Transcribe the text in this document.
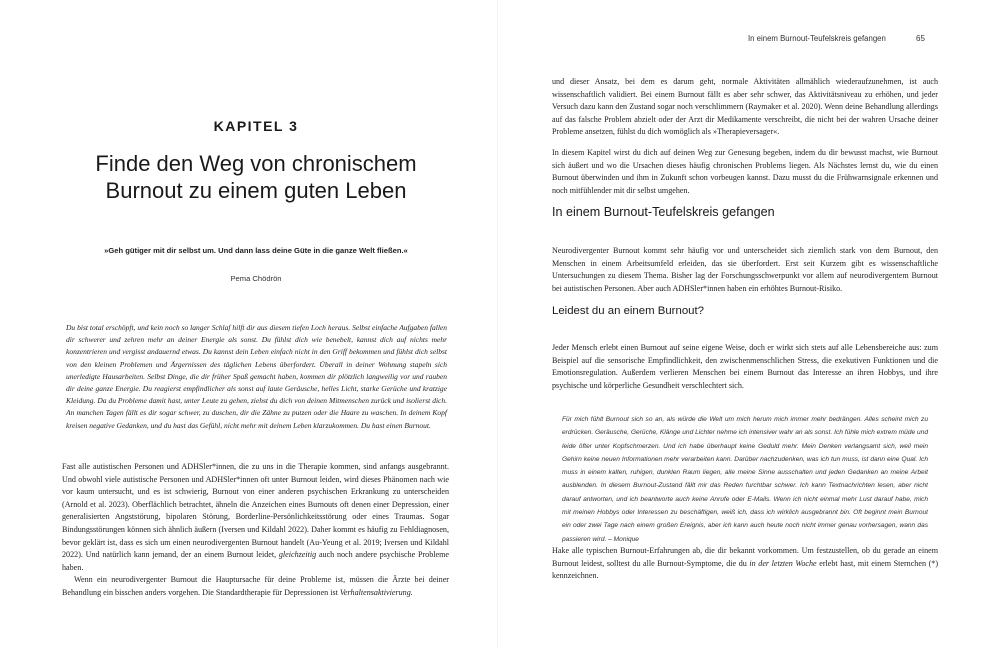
KAPITEL 3
Finde den Weg von chronischem Burnout zu einem guten Leben
»Geh gütiger mit dir selbst um. Und dann lass deine Güte in die ganze Welt fließen.«
Pema Chödrön

Du bist total erschöpft, und kein noch so langer Schlaf hilft dir aus diesem tiefen Loch heraus. Selbst einfache Aufgaben fallen dir schwerer und zehren mehr an deiner Energie als sonst. Du fühlst dich wie benebelt, kannst dich auf nichts mehr konzentrieren und vergisst andauernd etwas. Du kannst dein Leben einfach nicht in den Griff bekommen und fühlst dich selbst von den kleinen Problemen und Ärgernissen des täglichen Lebens überfordert. Überall in deiner Wohnung stapeln sich unerledigte Hausarbeiten. Selbst Dinge, die dir früher Spaß gemacht haben, kommen dir plötzlich langweilig vor und rauben dir deine ganze Energie. Du reagierst empfindlicher als sonst auf laute Geräusche, helles Licht, starke Gerüche und kratzige Kleidung. Da du Probleme damit hast, unter Leute zu gehen, ziehst du dich von deinen Mitmenschen zurück und isolierst dich. An manchen Tagen fällt es dir sogar schwer, zu duschen, dir die Zähne zu putzen oder die Haare zu waschen. In deinem Kopf kreisen negative Gedanken, und du hast das Gefühl, nicht mehr mit deinem Leben klarzukommen. Du hast einen Burnout.

Fast alle autistischen Personen und ADHSler*innen, die zu uns in die Therapie kommen, sind anfangs ausgebrannt. Und obwohl viele autistische Personen und ADHSler*innen oft unter Burnout leiden, wird dieses Phänomen nach wie vor kaum untersucht, und es ist schwierig, Burnout von einer anderen psychischen Erkrankung zu unterscheiden (Arnold et al. 2023). Oberflächlich betrachtet, ähneln die Anzeichen eines Burnouts oft denen einer Depression, einer generalisierten Angststörung, bipolaren Störung, Borderline-Persönlichkeitsstörung oder eines Traumas. Sogar Bindungsstörungen können sich ähnlich äußern (Iversen und Kildahl 2022). Daher kommt es häufig zu Fehldiagnosen, bevor geklärt ist, dass es sich um einen neurodivergenten Burnout handelt (Au-Yeung et al. 2019; Iversen und Kildahl 2022). Und natürlich kann jemand, der an einem Burnout leidet, gleichzeitig auch noch andere psychische Probleme haben.

Wenn ein neurodivergenter Burnout die Hauptursache für deine Probleme ist, müssen die Ärzte bei deiner Behandlung ein bisschen anders vorgehen. Die Standardtherapie für Depressionen ist Verhaltensaktivierung.

In einem Burnout-Teufelskreis gefangen	65

und dieser Ansatz, bei dem es darum geht, normale Aktivitäten allmählich wiederaufzunehmen, ist auch wissenschaftlich validiert. Bei einem Burnout fällt es aber sehr schwer, das Aktivitätsniveau zu erhöhen, und jeder Versuch dazu kann den Zustand sogar noch verschlimmern (Raymaker et al. 2020). Wenn deine Behandlung allerdings auf das falsche Problem abzielt oder der Arzt dir Medikamente verschreibt, die nicht bei der wahren Ursache deiner Probleme ansetzen, fühlst du dich womöglich als »Therapieversager«.

In diesem Kapitel wirst du dich auf deinen Weg zur Genesung begeben, indem du dir bewusst machst, wie Burnout sich äußert und wo die Ursachen dieses häufig chronischen Problems liegen. Als Nächstes lernst du, wie du einen Burnout überwinden und ihm in Zukunft schon vorbeugen kannst. Dazu musst du die Frühwarnsignale erkennen und noch mitfühlender mit dir selbst umgehen.

In einem Burnout-Teufelskreis gefangen

Neurodivergenter Burnout kommt sehr häufig vor und unterscheidet sich ziemlich stark von dem Burnout, den Menschen in einem Arbeitsumfeld erleiden, das sie überfordert. Erst seit Kurzem gibt es wissenschaftliche Untersuchungen zu diesem Thema. Bisher lag der Forschungsschwerpunkt vor allem auf neurodivergentem Burnout bei autistischen Personen. Aber auch ADHSler*innen haben ein erhöhtes Burnout-Risiko.

Leidest du an einem Burnout?

Jeder Mensch erlebt einen Burnout auf seine eigene Weise, doch er wirkt sich stets auf alle Lebensbereiche aus: zum Beispiel auf die sensorische Empfindlichkeit, den zwischenmenschlichen Stress, die exekutiven Funktionen und die Emotionsregulation. Außerdem verlieren Menschen bei einem Burnout das Interesse an ihren Hobbys, und ihre psychische und körperliche Gesundheit verschlechtert sich.

Für mich fühlt Burnout sich so an, als würde die Welt um mich herum mich immer mehr bedrängen. Alles scheint mich zu erdrücken. Geräusche, Gerüche, Klänge und Lichter nehme ich intensiver wahr an als sonst. Ich fühle mich extrem müde und leide öfter unter Kopfschmerzen. Und ich habe überhaupt keine Geduld mehr. Mein Denken verlangsamt sich, weil mein Gehirn keine neuen Informationen mehr verarbeiten kann. Darüber nachzudenken, was ich tun muss, ist dann eine Qual. Ich muss in einem kalten, ruhigen, dunklen Raum liegen, alle meine Sinne ausschalten und jeden Gedanken an meine Arbeit ausblenden. In diesem Burnout-Zustand fällt mir das Reden furchtbar schwer. Ich kann Textnachrichten lesen, aber nicht darauf antworten, und ich beantworte auch keine Anrufe oder E-Mails. Wenn ich nicht einmal mehr Lust darauf habe, mich mit meinen Hobbys oder Interessen zu beschäftigen, weiß ich, dass ich wirklich ausgebrannt bin. Oft beginnt mein Burnout ein oder zwei Tage nach einem großen Ereignis, aber ich kann auch heute noch nicht immer genau vorhersagen, wann das passieren wird. – Monique

Hake alle typischen Burnout-Erfahrungen ab, die dir bekannt vorkommen. Um festzustellen, ob du gerade an einem Burnout leidest, solltest du alle Burnout-Symptome, die du in der letzten Woche erlebt hast, mit einem Sternchen (*) kennzeichnen.
